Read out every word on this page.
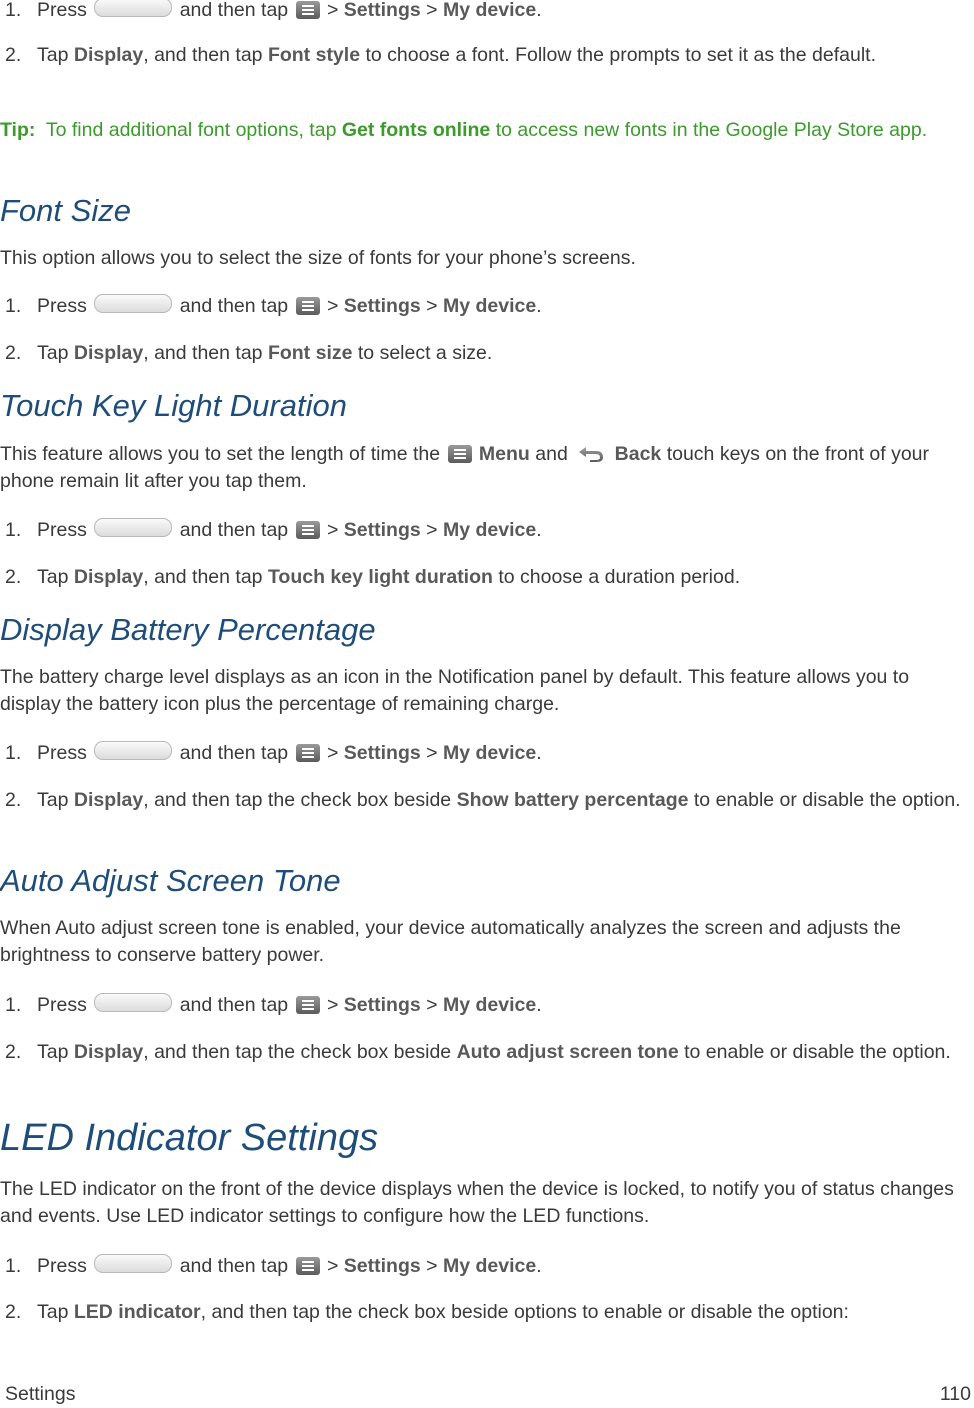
1. Press	and then tap > Settings > My device.
2. Tap Display, and then tap Font style to choose a font. Follow the prompts to set it as the default.
Tip: To find additional font options, tap Get fonts online to access new fonts in the Google Play Store app.
Font Size
This option allows you to select the size of fonts for your phone’s screens.
1. Press	and then tap > Settings > My device.
2. Tap Display, and then tap Font size to select a size.
Touch Key Light Duration
This feature allows you to set the length of time the Menu and Back touch keys on the front of your phone remain lit after you tap them.
1. Press	and then tap > Settings > My device.
2. Tap Display, and then tap Touch key light duration to choose a duration period.
Display Battery Percentage
The battery charge level displays as an icon in the Notification panel by default. This feature allows you to display the battery icon plus the percentage of remaining charge.
1. Press	and then tap > Settings > My device.
2. Tap Display, and then tap the check box beside Show battery percentage to enable or disable the option.
Auto Adjust Screen Tone
When Auto adjust screen tone is enabled, your device automatically analyzes the screen and adjusts the brightness to conserve battery power.
1. Press	and then tap > Settings > My device.
2. Tap Display, and then tap the check box beside Auto adjust screen tone to enable or disable the option.
LED Indicator Settings
The LED indicator on the front of the device displays when the device is locked, to notify you of status changes and events. Use LED indicator settings to configure how the LED functions.
1. Press	and then tap > Settings > My device.
2. Tap LED indicator, and then tap the check box beside options to enable or disable the option:
Settings	110
